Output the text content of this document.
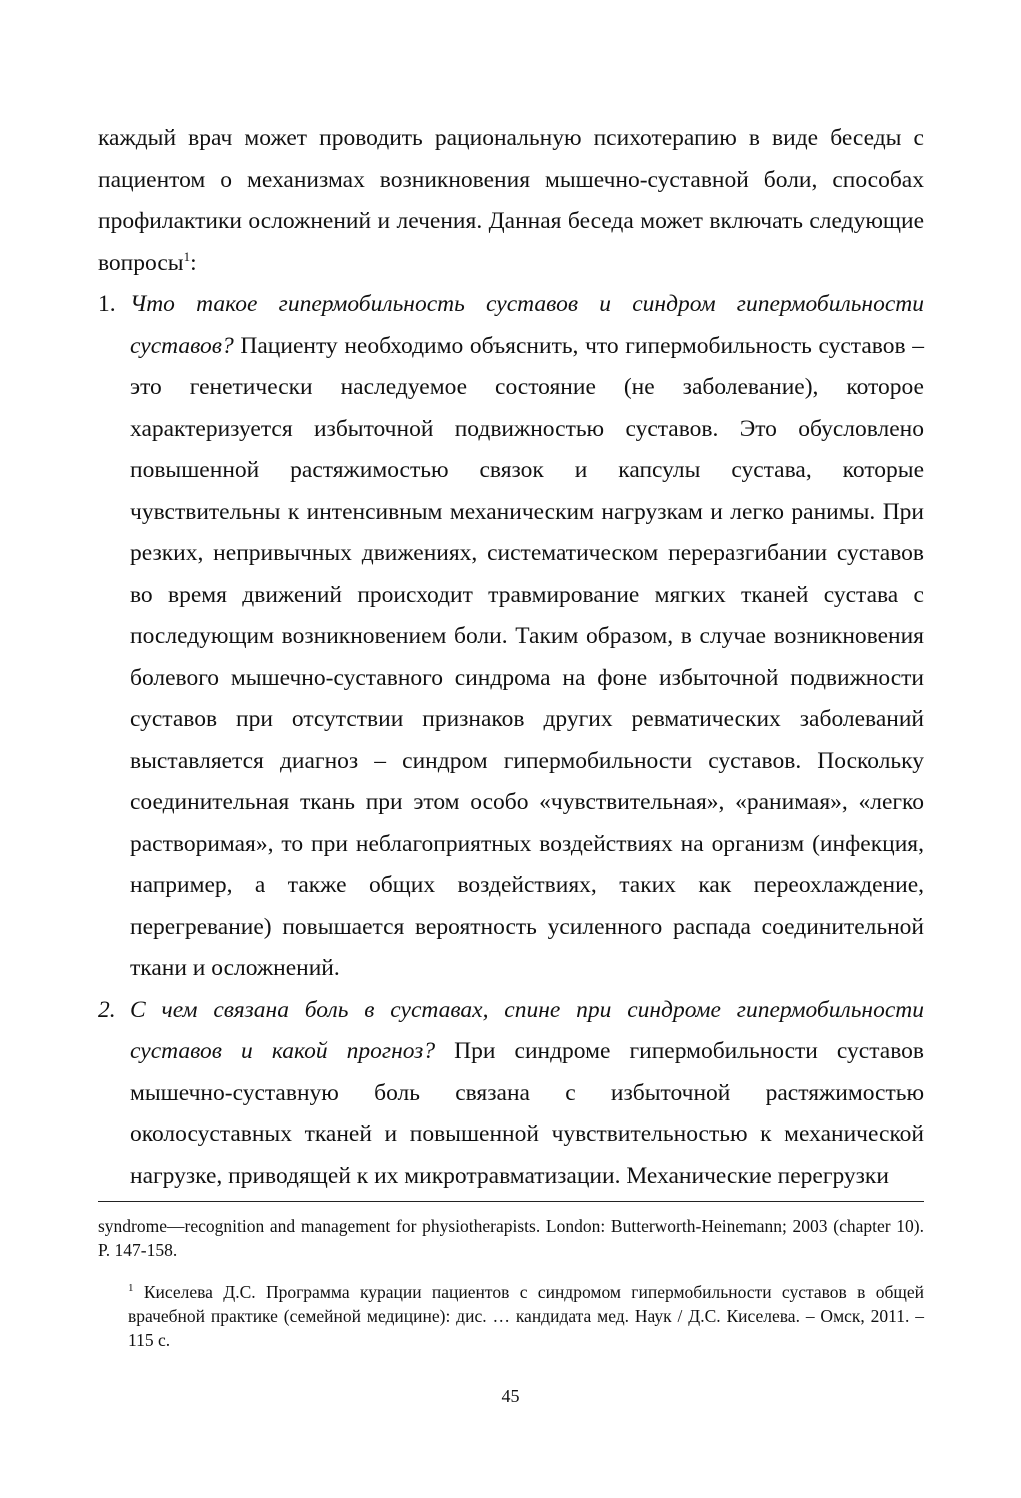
каждый врач может проводить рациональную психотерапию в виде беседы с пациентом о механизмах возникновения мышечно-суставной боли, способах профилактики осложнений и лечения. Данная беседа может включать следующие вопросы$^1$:

1. Что такое гипермобильность суставов и синдром гипермобильности суставов? Пациенту необходимо объяснить, что гипермобильность суставов – это генетически наследуемое состояние (не заболевание), которое характеризуется избыточной подвижностью суставов. Это обусловлено повышенной растяжимостью связок и капсулы сустава, которые чувствительны к интенсивным механическим нагрузкам и легко ранимы. При резких, непривычных движениях, систематическом переразгибании суставов во время движений происходит травмирование мягких тканей сустава с последующим возникновением боли. Таким образом, в случае возникновения болевого мышечно-суставного синдрома на фоне избыточной подвижности суставов при отсутствии признаков других ревматических заболеваний выставляется диагноз – синдром гипермобильности суставов. Поскольку соединительная ткань при этом особо «чувствительная», «ранимая», «легко растворимая», то при неблагоприятных воздействиях на организм (инфекция, например, а также общих воздействиях, таких как переохлаждение, перегревание) повышается вероятность усиленного распада соединительной ткани и осложнений.
2. С чем связана боль в суставах, спине при синдроме гипермобильности суставов и какой прогноз? При синдроме гипермобильности суставов мышечно-суставную боль связана с избыточной растяжимостью околосуставных тканей и повышенной чувствительностью к механической нагрузке, приводящей к их микротравматизации. Механические перегрузки

syndrome—recognition and management for physiotherapists. London: Butterworth-Heinemann; 2003 (chapter 10). P. 147-158.

$^1$ Киселева Д.С. Программа курации пациентов с синдромом гипермобильности суставов в общей врачебной практике (семейной медицине): дис. … кандидата мед. Наук / Д.С. Киселева. – Омск, 2011. – 115 с.

45
